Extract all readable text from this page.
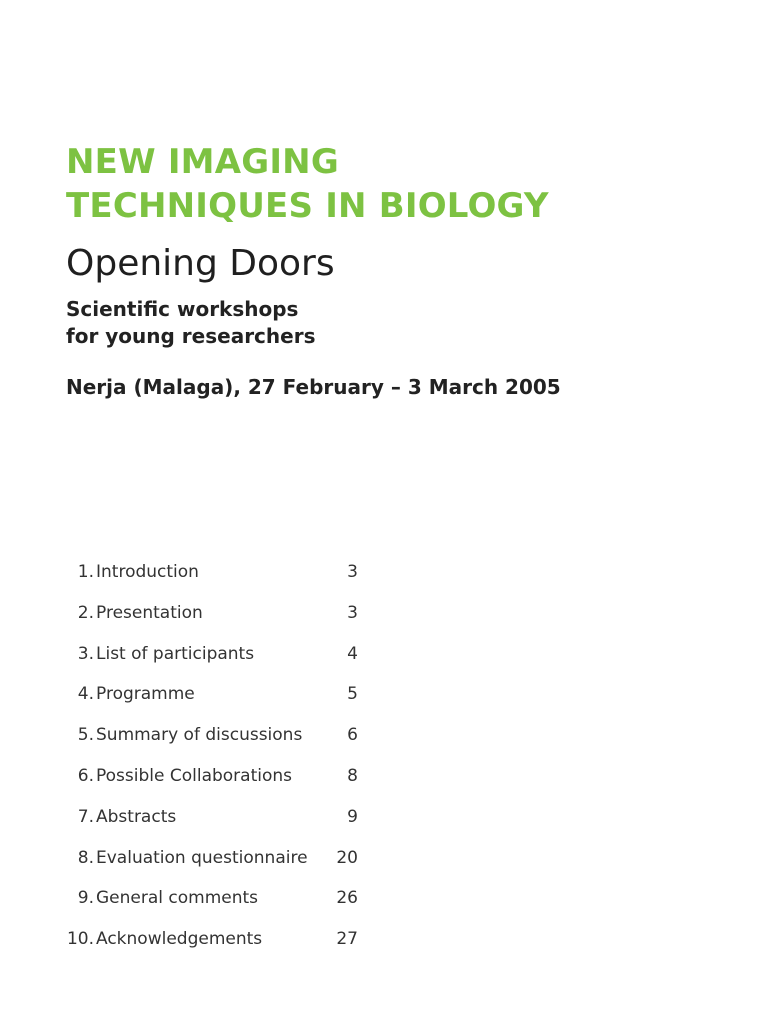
NEW IMAGING
TECHNIQUES IN BIOLOGY
Opening Doors

Scientific workshops
for young researchers

Nerja (Malaga), 27 February – 3 March 2005

1. Introduction	3
2. Presentation	3
3. List of participants	4
4. Programme	5
5. Summary of discussions	6
6. Possible Collaborations	8
7. Abstracts	9
8. Evaluation questionnaire	20
9. General comments	26
10. Acknowledgements	27
